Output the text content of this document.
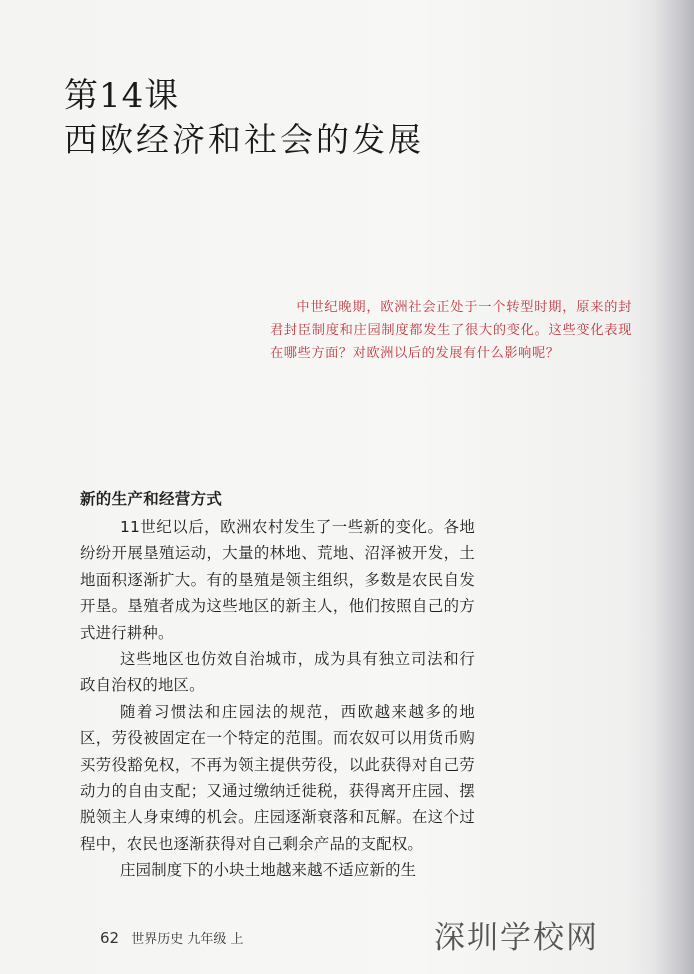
第14课
西欧经济和社会的发展
中世纪晚期，欧洲社会正处于一个转型时期，原来的封君封臣制度和庄园制度都发生了很大的变化。这些变化表现在哪些方面？对欧洲以后的发展有什么影响呢？
新的生产和经营方式

11世纪以后，欧洲农村发生了一些新的变化。各地纷纷开展垦殖运动，大量的林地、荒地、沼泽被开发，土地面积逐渐扩大。有的垦殖是领主组织，多数是农民自发开垦。垦殖者成为这些地区的新主人，他们按照自己的方式进行耕种。

这些地区也仿效自治城市，成为具有独立司法和行政自治权的地区。

随着习惯法和庄园法的规范，西欧越来越多的地区，劳役被固定在一个特定的范围。而农奴可以用货币购买劳役豁免权，不再为领主提供劳役，以此获得对自己劳动力的自由支配；又通过缴纳迁徙税，获得离开庄园、摆脱领主人身束缚的机会。庄园逐渐衰落和瓦解。在这个过程中，农民也逐渐获得对自己剩余产品的支配权。

庄园制度下的小块土地越来越不适应新的生

62 世界历史 九年级 上	深圳学校网
